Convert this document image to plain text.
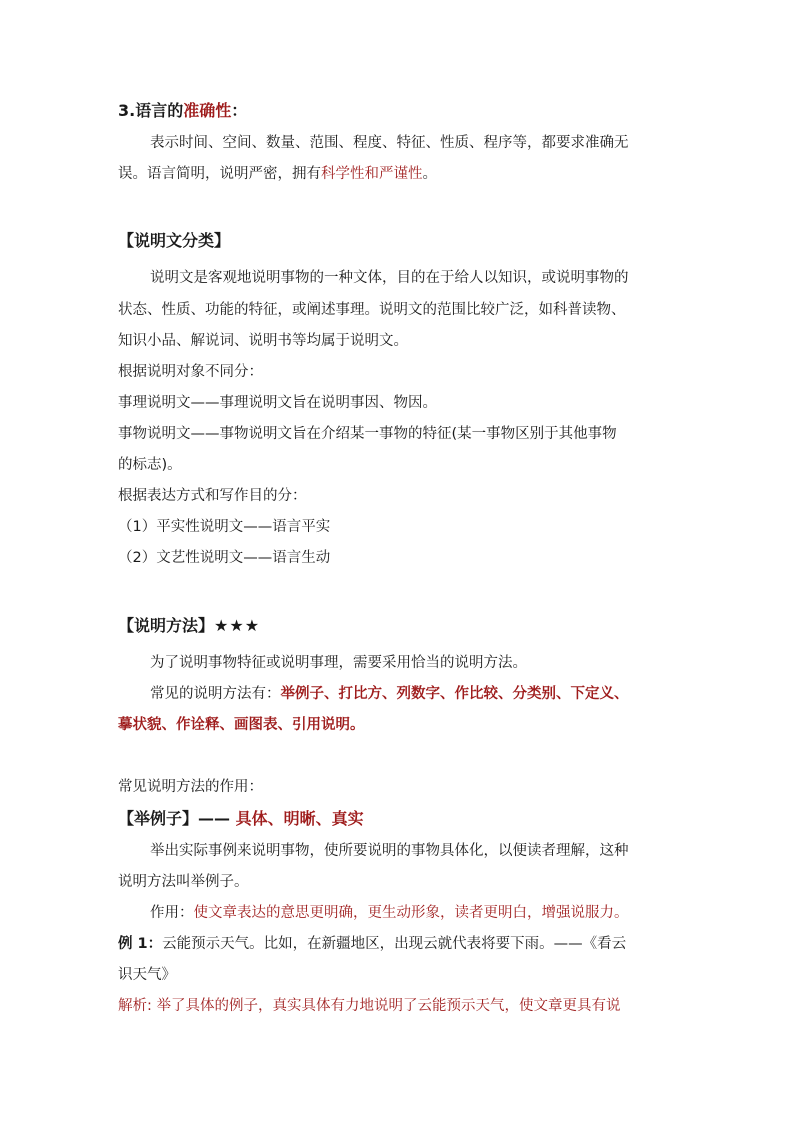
3.语言的准确性：
表示时间、空间、数量、范围、程度、特征、性质、程序等，都要求准确无
误。语言简明，说明严密，拥有科学性和严谨性。
【说明文分类】
说明文是客观地说明事物的一种文体，目的在于给人以知识，或说明事物的
状态、性质、功能的特征，或阐述事理。说明文的范围比较广泛，如科普读物、
知识小品、解说词、说明书等均属于说明文。
根据说明对象不同分：
事理说明文——事理说明文旨在说明事因、物因。
事物说明文——事物说明文旨在介绍某一事物的特征(某一事物区别于其他事物
的标志)。
根据表达方式和写作目的分：
（1）平实性说明文——语言平实
（2）文艺性说明文——语言生动
【说明方法】★★★
为了说明事物特征或说明事理，需要采用恰当的说明方法。
常见的说明方法有：举例子、打比方、列数字、作比较、分类别、下定义、
摹状貌、作诠释、画图表、引用说明。
常见说明方法的作用：
【举例子】—— 具体、明晰、真实
举出实际事例来说明事物，使所要说明的事物具体化，以便读者理解，这种
说明方法叫举例子。
作用：使文章表达的意思更明确，更生动形象，读者更明白，增强说服力。
例 1：云能预示天气。比如，在新疆地区，出现云就代表将要下雨。——《看云
识天气》
解析: 举了具体的例子，真实具体有力地说明了云能预示天气，使文章更具有说
